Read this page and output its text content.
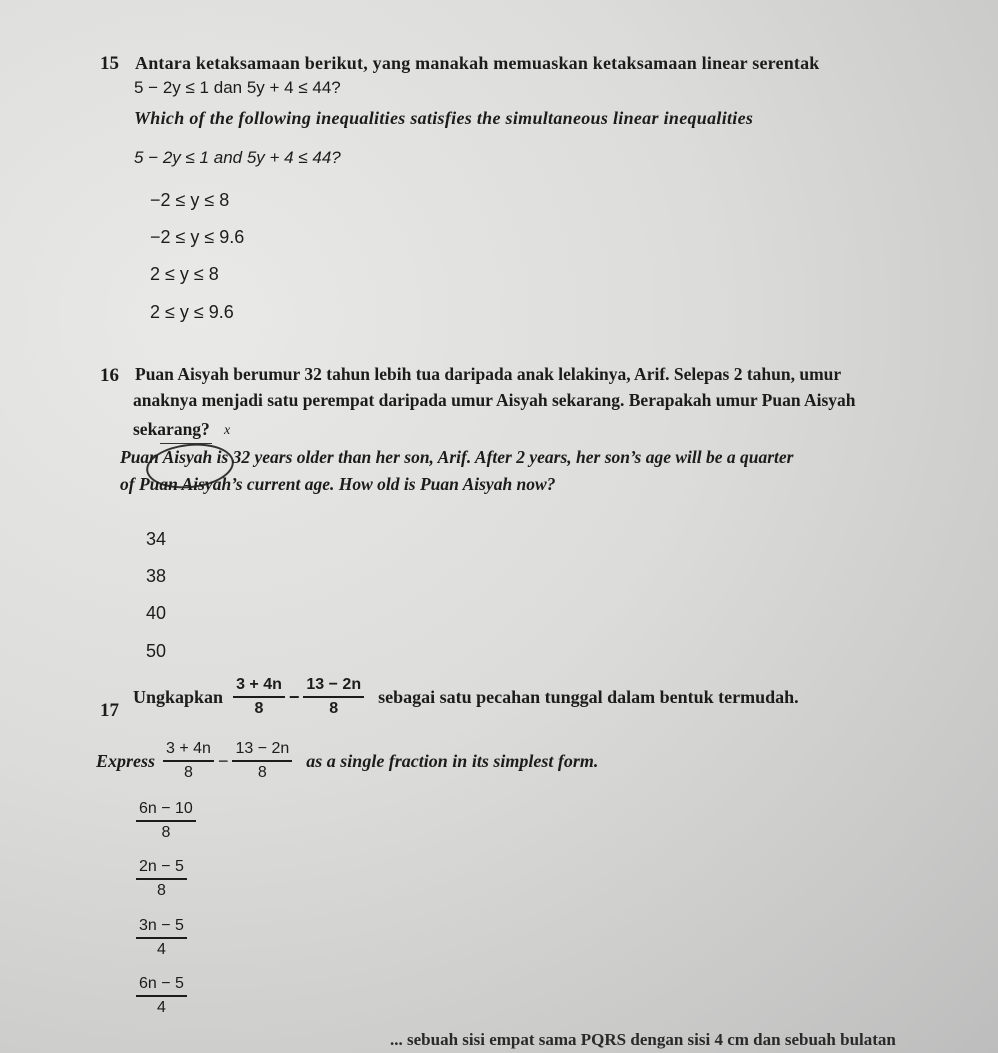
15 Antara ketaksamaan berikut, yang manakah memuaskan ketaksamaan linear serentak
5 − 2y ≤ 1 dan 5y + 4 ≤ 44?
Which of the following inequalities satisfies the simultaneous linear inequalities
5 − 2y ≤ 1 and 5y + 4 ≤ 44?
−2 ≤ y ≤ 8
−2 ≤ y ≤ 9.6
2 ≤ y ≤ 8
2 ≤ y ≤ 9.6
16 Puan Aisyah berumur 32 tahun lebih tua daripada anak lelakinya, Arif. Selepas 2 tahun, umur
anaknya menjadi satu perempat daripada umur Aisyah sekarang. Berapakah umur Puan Aisyah
sekarang? x
Puan Aisyah is 32 years older than her son, Arif. After 2 years, her son’s age will be a quarter
of Puan Aisyah’s current age. How old is Puan Aisyah now?
34
38
40
50
17
Ungkapkan $\frac{3 + 4n}{8} - \frac{13 - 2n}{8}$ sebagai satu pecahan tunggal dalam bentuk termudah.
Express $\frac{3 + 4n}{8} - \frac{13 - 2n}{8}$ as a single fraction in its simplest form.
$\frac{6n - 10}{8}$
$\frac{2n - 5}{8}$
$\frac{3n - 5}{4}$
$\frac{6n - 5}{4}$
... sebuah sisi empat sama PQRS dengan sisi 4 cm dan sebuah bulatan
